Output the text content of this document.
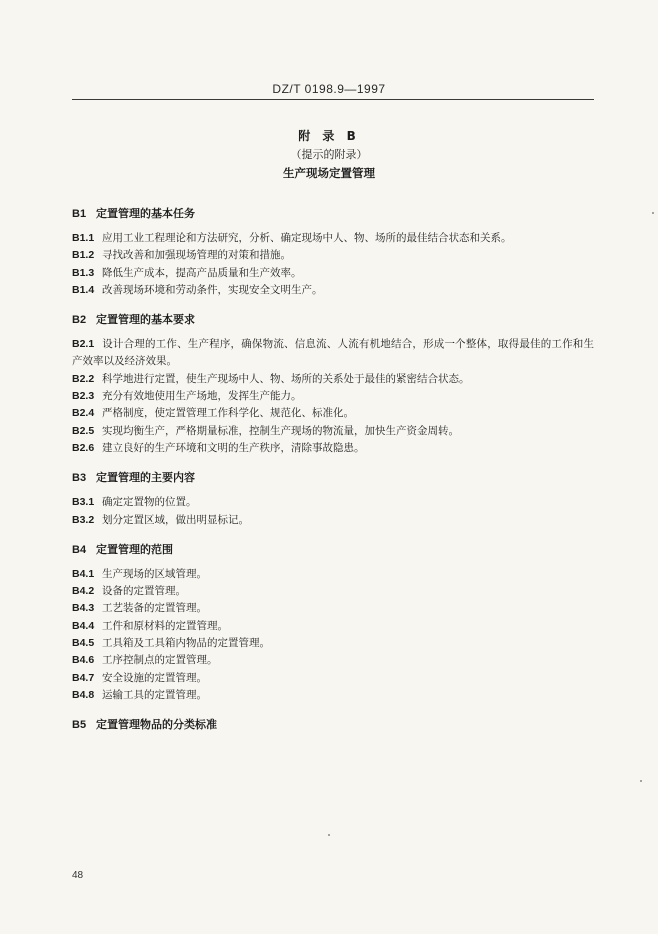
DZ/T 0198.9—1997
附 录 B
（提示的附录）
生产现场定置管理
B1 定置管理的基本任务
B1.1 应用工业工程理论和方法研究，分析、确定现场中人、物、场所的最佳结合状态和关系。
B1.2 寻找改善和加强现场管理的对策和措施。
B1.3 降低生产成本，提高产品质量和生产效率。
B1.4 改善现场环境和劳动条件，实现安全文明生产。
B2 定置管理的基本要求
B2.1 设计合理的工作、生产程序，确保物流、信息流、人流有机地结合，形成一个整体，取得最佳的工作和生产效率以及经济效果。
B2.2 科学地进行定置，使生产现场中人、物、场所的关系处于最佳的紧密结合状态。
B2.3 充分有效地使用生产场地，发挥生产能力。
B2.4 严格制度，使定置管理工作科学化、规范化、标准化。
B2.5 实现均衡生产，严格期量标准，控制生产现场的物流量，加快生产资金周转。
B2.6 建立良好的生产环境和文明的生产秩序，清除事故隐患。
B3 定置管理的主要内容
B3.1 确定定置物的位置。
B3.2 划分定置区域，做出明显标记。
B4 定置管理的范围
B4.1 生产现场的区域管理。
B4.2 设备的定置管理。
B4.3 工艺装备的定置管理。
B4.4 工件和原材料的定置管理。
B4.5 工具箱及工具箱内物品的定置管理。
B4.6 工序控制点的定置管理。
B4.7 安全设施的定置管理。
B4.8 运输工具的定置管理。
B5 定置管理物品的分类标准
48
